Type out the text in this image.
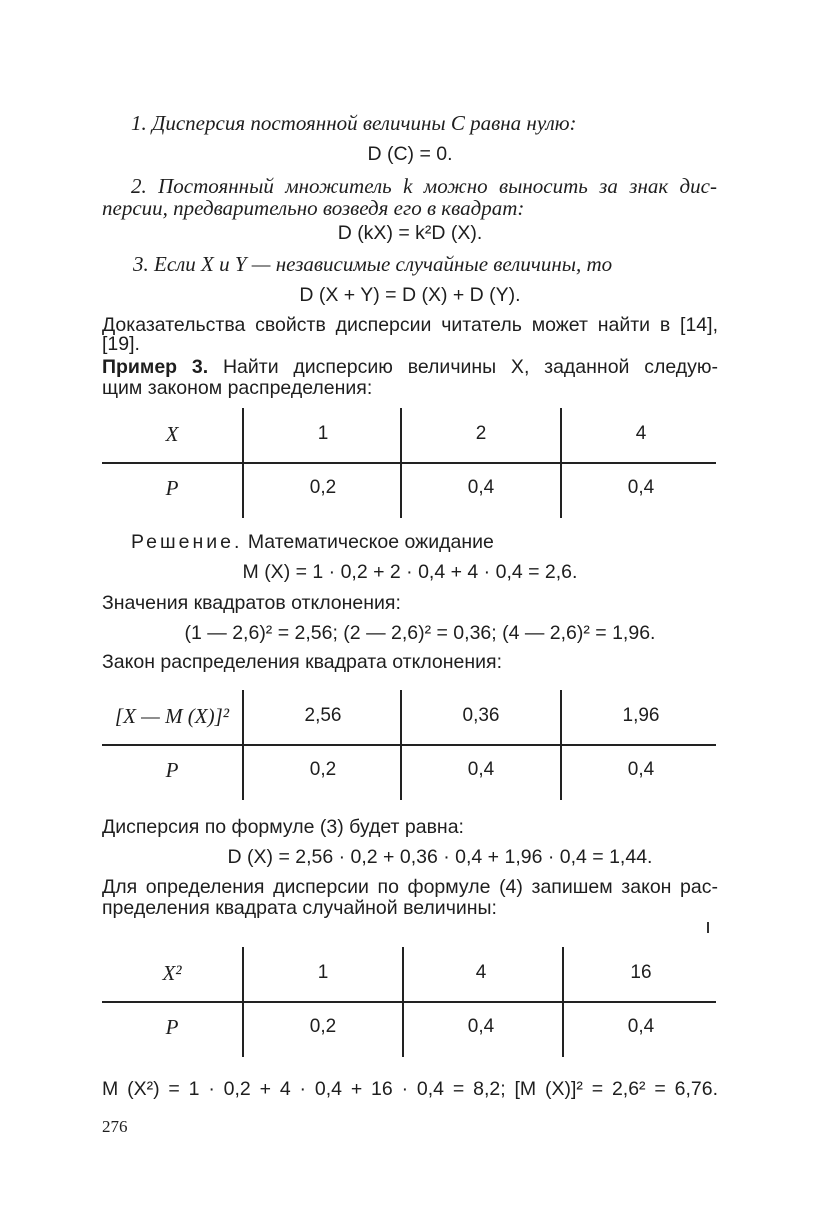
1. Дисперсия постоянной величины C равна нулю:
D (C) = 0.
2. Постоянный множитель k можно выносить за знак дис-
персии, предварительно возведя его в квадрат:
D (kX) = k²D (X).
3. Если X и Y — независимые случайные величины, то
D (X + Y) = D (X) + D (Y).
Доказательства свойств дисперсии читатель может найти в [14],
[19].
Пример 3. Найти дисперсию величины X, заданной следую-
щим законом распределения:
X	1	2	4
P	0,2	0,4	0,4
Решение. Математическое ожидание
M (X) = 1 · 0,2 + 2 · 0,4 + 4 · 0,4 = 2,6.
Значения квадратов отклонения:
(1 — 2,6)² = 2,56; (2 — 2,6)² = 0,36; (4 — 2,6)² = 1,96.
Закон распределения квадрата отклонения:
[X — M (X)]²	2,56	0,36	1,96
P	0,2	0,4	0,4
Дисперсия по формуле (3) будет равна:
D (X) = 2,56 · 0,2 + 0,36 · 0,4 + 1,96 · 0,4 = 1,44.
Для определения дисперсии по формуле (4) запишем закон рас-
пределения квадрата случайной величины:
X²	1	4	16
P	0,2	0,4	0,4
M (X²) = 1 · 0,2 + 4 · 0,4 + 16 · 0,4 = 8,2; [M (X)]² = 2,6² = 6,76.
276
